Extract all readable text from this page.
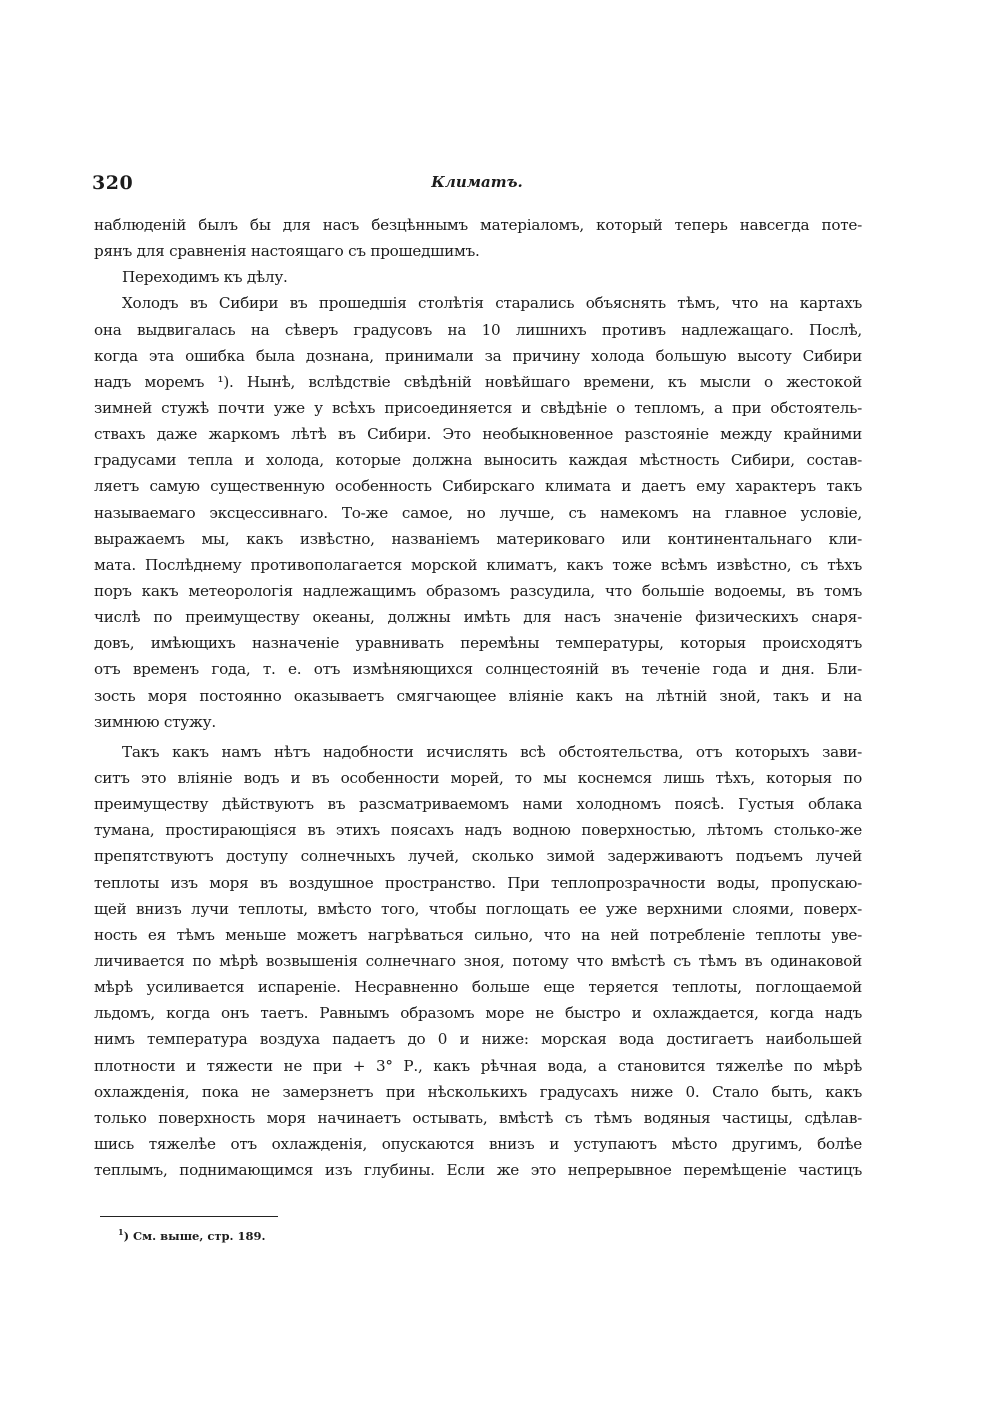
320	Климатъ.
наблюденій былъ бы для насъ безцѣннымъ матеріаломъ, который теперь навсегда поте-
рянъ для сравненія настоящаго съ прошедшимъ.
Переходимъ къ дѣлу.
Холодъ въ Сибири въ прошедшія столѣтія старались объяснять тѣмъ, что на картахъ
она выдвигалась на сѣверъ градусовъ на 10 лишнихъ противъ надлежащаго. Послѣ,
когда эта ошибка была дознана, принимали за причину холода большую высоту Сибири
надъ моремъ ¹). Нынѣ, вслѣдствіе свѣдѣній новѣйшаго времени, къ мысли о жестокой
зимней стужѣ почти уже у всѣхъ присоединяется и свѣдѣніе о тепломъ, а при обстоятель-
ствахъ даже жаркомъ лѣтѣ въ Сибири. Это необыкновенное разстояніе между крайними
градусами тепла и холода, которые должна выносить каждая мѣстность Сибири, состав-
ляетъ самую существенную особенность Сибирскаго климата и даетъ ему характеръ такъ
называемаго эксцессивнаго. То-же самое, но лучше, съ намекомъ на главное условіе,
выражаемъ мы, какъ извѣстно, названіемъ материковаго или континентальнаго кли-
мата. Послѣднему противополагается морской климатъ, какъ тоже всѣмъ извѣстно, съ тѣхъ
поръ какъ метеорологія надлежащимъ образомъ разсудила, что большіе водоемы, въ томъ
числѣ по преимуществу океаны, должны имѣть для насъ значеніе физическихъ снаря-
довъ, имѣющихъ назначеніе уравнивать перемѣны температуры, которыя происходятъ
отъ временъ года, т. е. отъ измѣняющихся солнцестояній въ теченіе года и дня. Бли-
зость моря постоянно оказываетъ смягчающее вліяніе какъ на лѣтній зной, такъ и на
зимнюю стужу.
Такъ какъ намъ нѣтъ надобности исчислять всѣ обстоятельства, отъ которыхъ зави-
ситъ это вліяніе водъ и въ особенности морей, то мы коснемся лишь тѣхъ, которыя по
преимуществу дѣйствуютъ въ разсматриваемомъ нами холодномъ поясѣ. Густыя облака
тумана, простирающіяся въ этихъ поясахъ надъ водною поверхностью, лѣтомъ столько-же
препятствуютъ доступу солнечныхъ лучей, сколько зимой задерживаютъ подъемъ лучей
теплоты изъ моря въ воздушное пространство. При теплопрозрачности воды, пропускаю-
щей внизъ лучи теплоты, вмѣсто того, чтобы поглощать ее уже верхними слоями, поверх-
ность ея тѣмъ меньше можетъ нагрѣваться сильно, что на ней потребленіе теплоты уве-
личивается по мѣрѣ возвышенія солнечнаго зноя, потому что вмѣстѣ съ тѣмъ въ одинаковой
мѣрѣ усиливается испареніе. Несравненно больше еще теряется теплоты, поглощаемой
льдомъ, когда онъ таетъ. Равнымъ образомъ море не быстро и охлаждается, когда надъ
нимъ температура воздуха падаетъ до 0 и ниже: морская вода достигаетъ наибольшей
плотности и тяжести не при + 3° Р., какъ рѣчная вода, а становится тяжелѣе по мѣрѣ
охлажденія, пока не замерзнетъ при нѣсколькихъ градусахъ ниже 0. Стало быть, какъ
только поверхность моря начинаетъ остывать, вмѣстѣ съ тѣмъ водяныя частицы, сдѣлав-
шись тяжелѣе отъ охлажденія, опускаются внизъ и уступаютъ мѣсто другимъ, болѣе
теплымъ, поднимающимся изъ глубины. Если же это непрерывное перемѣщеніе частицъ
$^1$) См. выше, стр. 189.
